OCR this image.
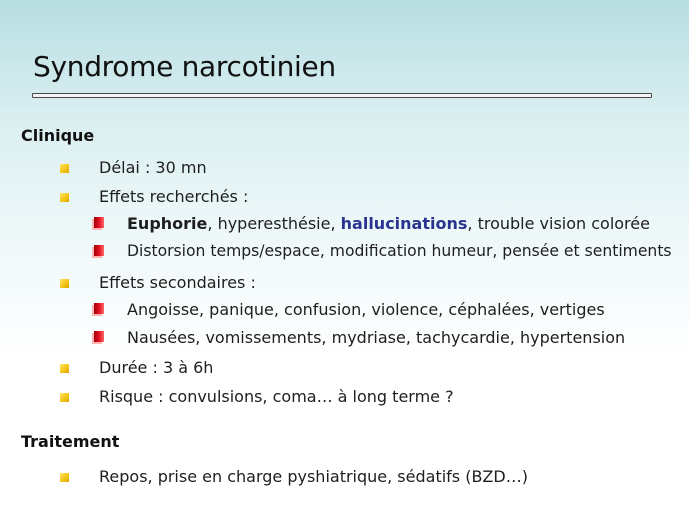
Syndrome narcotinien
Clinique
Délai : 30 mn
Effets recherchés :
Euphorie, hyperesthésie, hallucinations, trouble vision colorée
Distorsion temps/espace, modification humeur, pensée et sentiments
Effets secondaires :
Angoisse, panique, confusion, violence, céphalées, vertiges
Nausées, vomissements, mydriase, tachycardie, hypertension
Durée : 3 à 6h
Risque : convulsions, coma… à long terme ?
Traitement
Repos, prise en charge pyshiatrique, sédatifs (BZD…)
